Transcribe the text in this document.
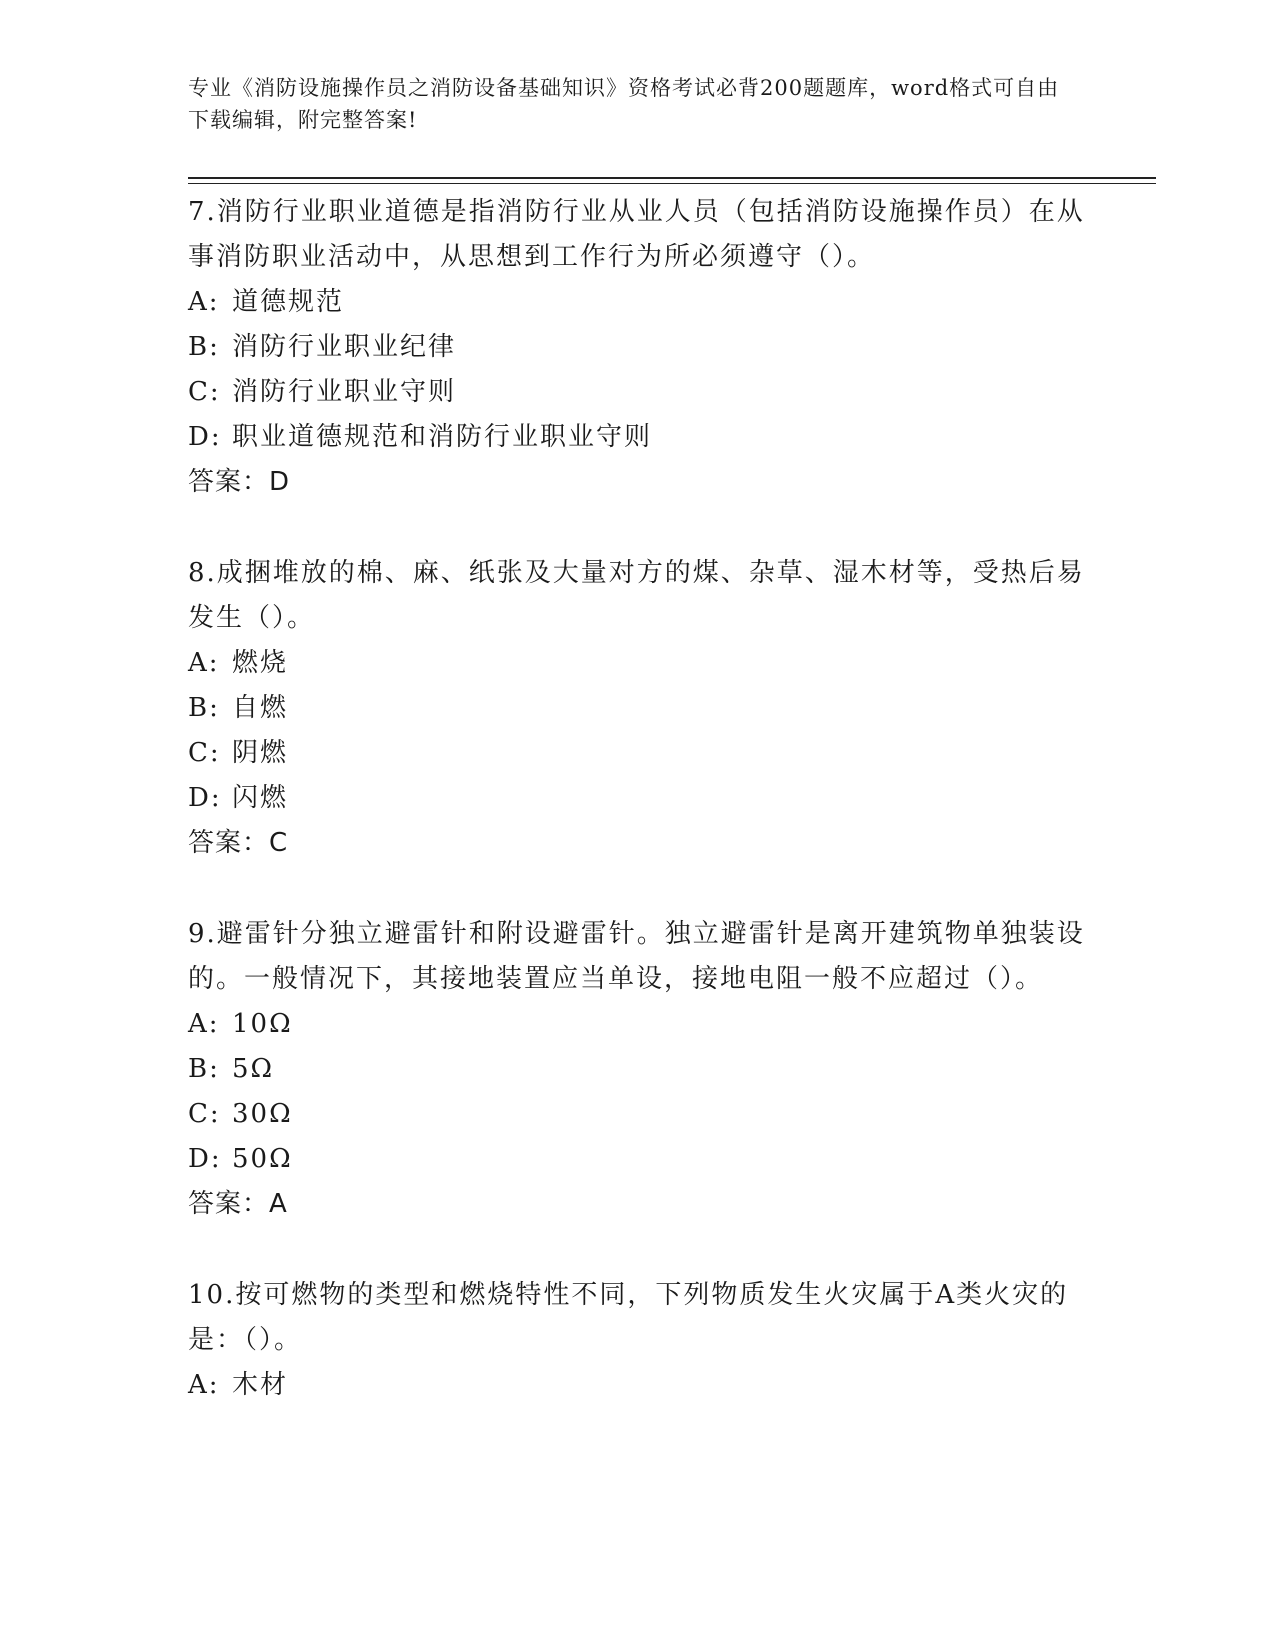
专业《消防设施操作员之消防设备基础知识》资格考试必背200题题库，word格式可自由下载编辑，附完整答案!

7.消防行业职业道德是指消防行业从业人员（包括消防设施操作员）在从事消防职业活动中，从思想到工作行为所必须遵守（）。

A: 道德规范
B: 消防行业职业纪律
C: 消防行业职业守则
D: 职业道德规范和消防行业职业守则

答案：D

8.成捆堆放的棉、麻、纸张及大量对方的煤、杂草、湿木材等，受热后易发生（）。

A: 燃烧
B: 自燃
C: 阴燃
D: 闪燃

答案：C

9.避雷针分独立避雷针和附设避雷针。独立避雷针是离开建筑物单独装设的。一般情况下，其接地装置应当单设，接地电阻一般不应超过（）。

A: 10Ω
B: 5Ω
C: 30Ω
D: 50Ω

答案：A

10.按可燃物的类型和燃烧特性不同，下列物质发生火灾属于A类火灾的是：（）。

A: 木材
